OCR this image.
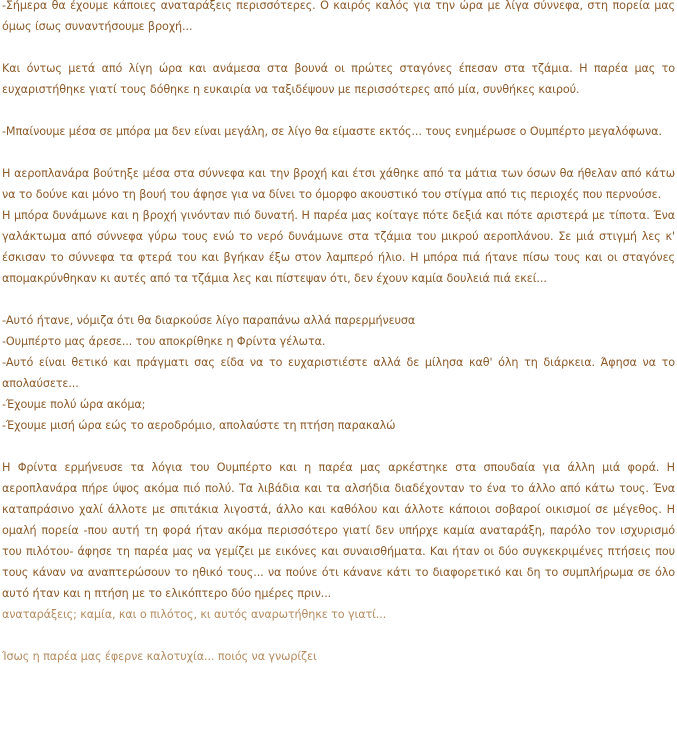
-Σήμερα θα έχουμε κάποιες αναταράξεις περισσότερες. Ο καιρός καλός για την ώρα με λίγα σύννεφα, στη πορεία μας όμως ίσως συναντήσουμε βροχή...

Και όντως μετά από λίγη ώρα και ανάμεσα στα βουνά οι πρώτες σταγόνες έπεσαν στα τζάμια. Η παρέα μας το ευχαριστήθηκε γιατί τους δόθηκε η ευκαιρία να ταξιδέψουν με περισσότερες από μία, συνθήκες καιρού.

-Μπαίνουμε μέσα σε μπόρα μα δεν είναι μεγάλη, σε λίγο θα είμαστε εκτός... τους ενημέρωσε ο Ουμπέρτο μεγαλόφωνα.

Η αεροπλανάρα βούτηξε μέσα στα σύννεφα και την βροχή και έτσι χάθηκε από τα μάτια των όσων θα ήθελαν από κάτω να το δούνε και μόνο τη βουή του άφησε για να δίνει το όμορφο ακουστικό του στίγμα από τις περιοχές που περνούσε.

Η μπόρα δυνάμωνε και η βροχή γινόνταν πιό δυνατή. Η παρέα μας κοίταγε πότε δεξιά και πότε αριστερά με τίποτα. Ένα γαλάκτωμα από σύννεφα γύρω τους ενώ το νερό δυνάμωνε στα τζάμια του μικρού αεροπλάνου. Σε μιά στιγμή λες κ' έσκισαν το σύννεφα τα φτερά του και βγήκαν έξω στον λαμπερό ήλιο. Η μπόρα πιά ήτανε πίσω τους και οι σταγόνες απομακρύνθηκαν κι αυτές από τα τζάμια λες και πίστεψαν ότι, δεν έχουν καμία δουλειά πιά εκεί...

-Αυτό ήτανε, νόμιζα ότι θα διαρκούσε λίγο παραπάνω αλλά παρερμήνευσα

-Ουμπέρτο μας άρεσε... του αποκρίθηκε η Φρίντα γέλωτα.

-Αυτό είναι θετικό και πράγματι σας είδα να το ευχαριστιέστε αλλά δε μίλησα καθ' όλη τη διάρκεια. Άφησα να το απολαύσετε...

-Έχουμε πολύ ώρα ακόμα;

-Έχουμε μισή ώρα εώς το αεροδρόμιο, απολαύστε τη πτήση παρακαλώ

Η Φρίντα ερμήνευσε τα λόγια του Ουμπέρτο και η παρέα μας αρκέστηκε στα σπουδαία για άλλη μιά φορά. Η αεροπλανάρα πήρε ύψος ακόμα πιό πολύ. Τα λιβάδια και τα αλσήδια διαδέχονταν το ένα το άλλο από κάτω τους. Ένα καταπράσινο χαλί άλλοτε με σπιτάκια λιγοστά, άλλο και καθόλου και άλλοτε κάποιοι σοβαροί οικισμοί σε μέγεθος. Η ομαλή πορεία -που αυτή τη φορά ήταν ακόμα περισσότερο γιατί δεν υπήρχε καμία αναταράξη, παρόλο τον ισχυρισμό του πιλότου- άφησε τη παρέα μας να γεμίζει με εικόνες και συναισθήματα. Και ήταν οι δύο συγκεκριμένες πτήσεις που τους κάναν να αναπτερώσουν το ηθικό τους... να πούνε ότι κάνανε κάτι το διαφορετικό και δη το συμπλήρωμα σε όλο αυτό ήταν και η πτήση με το ελικόπτερο δύο ημέρες πριν...

αναταράξεις; καμία, και ο πιλότος, κι αυτός αναρωτήθηκε το γιατί...

Ίσως η παρέα μας έφερνε καλοτυχία... ποιός να γνωρίζει
